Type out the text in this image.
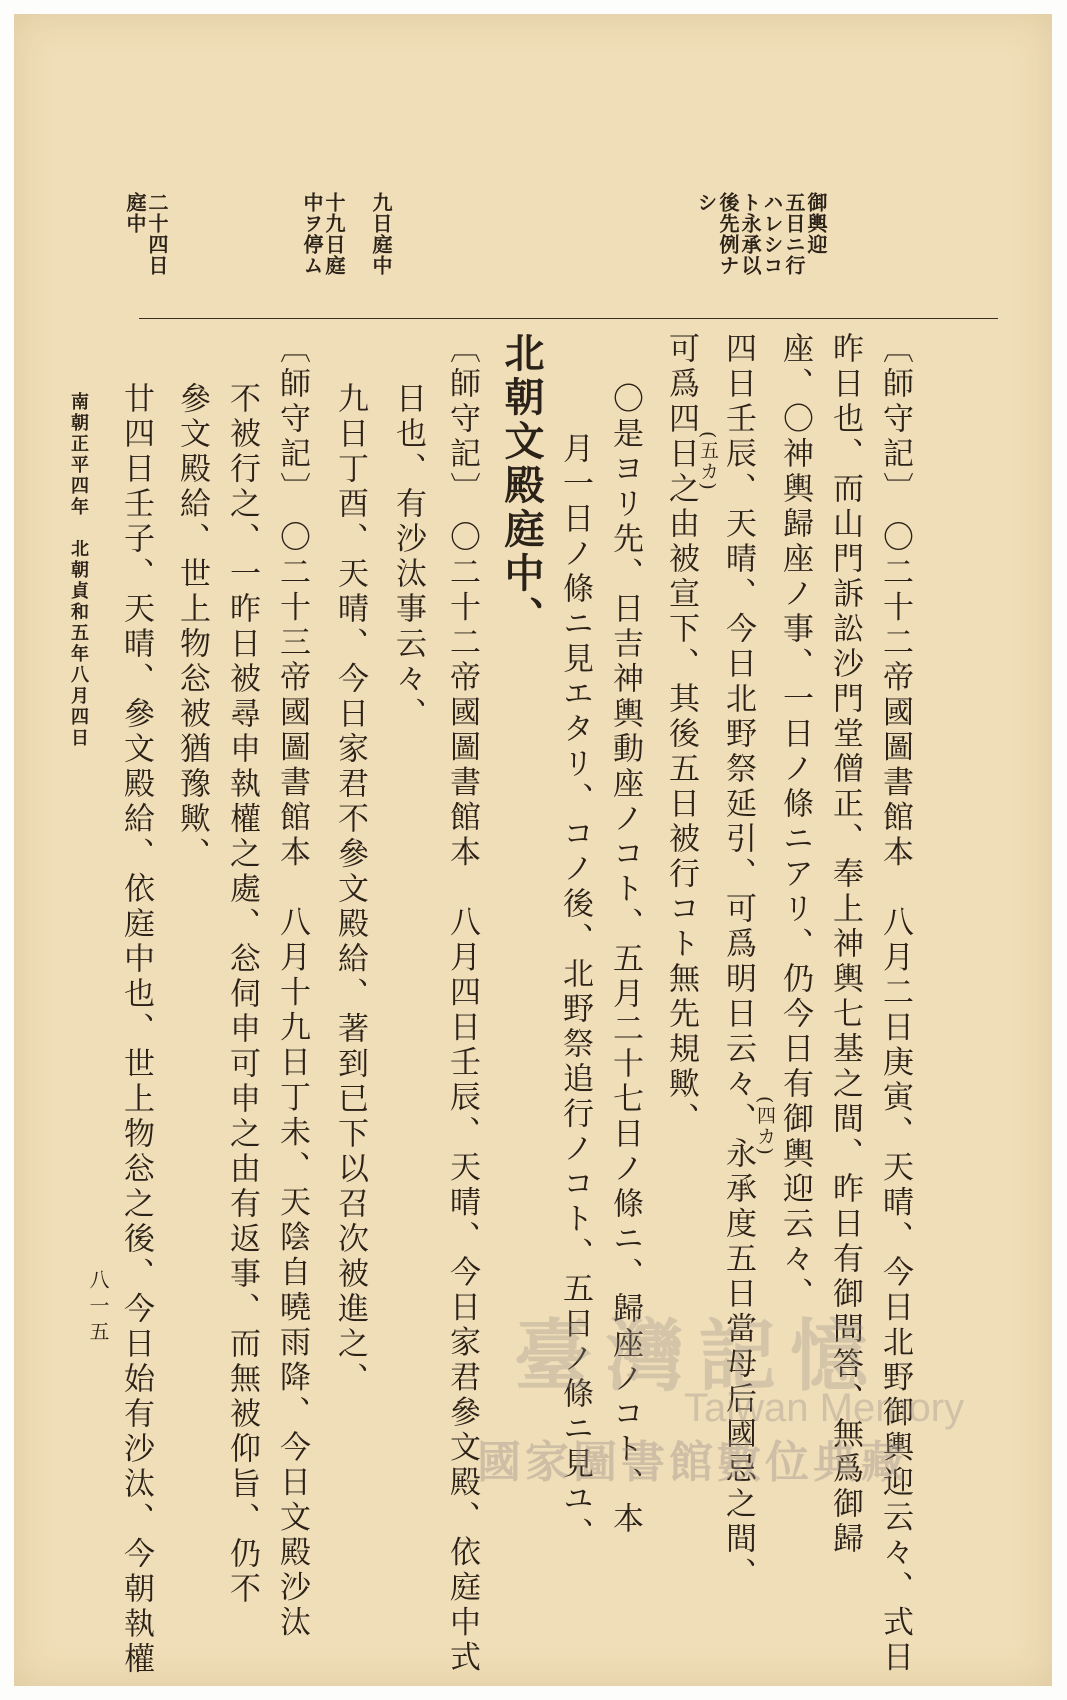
御輿迎
五日ニ行
ハレシコ
ト永承以
後先例ナ
シ
九日庭中
十九日庭
中ヲ停ム
二十四日
庭中
〔師守記〕 〇二十二帝國圖書館本　八月二日庚寅、天晴、今日北野御輿迎云々、式日
昨日也、而山門訴訟沙門堂僧正、奉上神輿七基之間、昨日有御問答、無爲御歸
座、〇神輿歸座ノ事、一日ノ條ニアリ、仍今日有御輿迎云々、
四日壬辰、天晴、今日北野祭延引、可爲明日云々、永承度五日當母后國忌之間、
可爲四日之由被宣下、其後五日被行コト無先規歟、
〇是ヨリ先、日吉神輿動座ノコト、五月二十七日ノ條ニ、歸座ノコト、本
月一日ノ條ニ見エタリ、コノ後、北野祭追行ノコト、五日ノ條ニ見ユ、
北朝文殿庭中、
〔師守記〕 〇二十二帝國圖書館本　八月四日壬辰、天晴、今日家君參文殿、依庭中式
日也、有沙汰事云々、
九日丁酉、天晴、今日家君不參文殿給、著到已下以召次被進之、
〔師守記〕 〇二十三帝國圖書館本　八月十九日丁未、天陰自曉雨降、今日文殿沙汰
不被行之、一昨日被尋申執權之處、忩伺申可申之由有返事、而無被仰旨、仍不
參文殿給、世上物忩被猶豫歟、
廿四日壬子、天晴、參文殿給、依庭中也、世上物忩之後、今日始有沙汰、今朝執權	(四カ)
(五カ)
南朝正平四年　北朝貞和五年八月四日
八一五
臺灣記憶
Taiwan Memory
國家圖書館數位典藏
